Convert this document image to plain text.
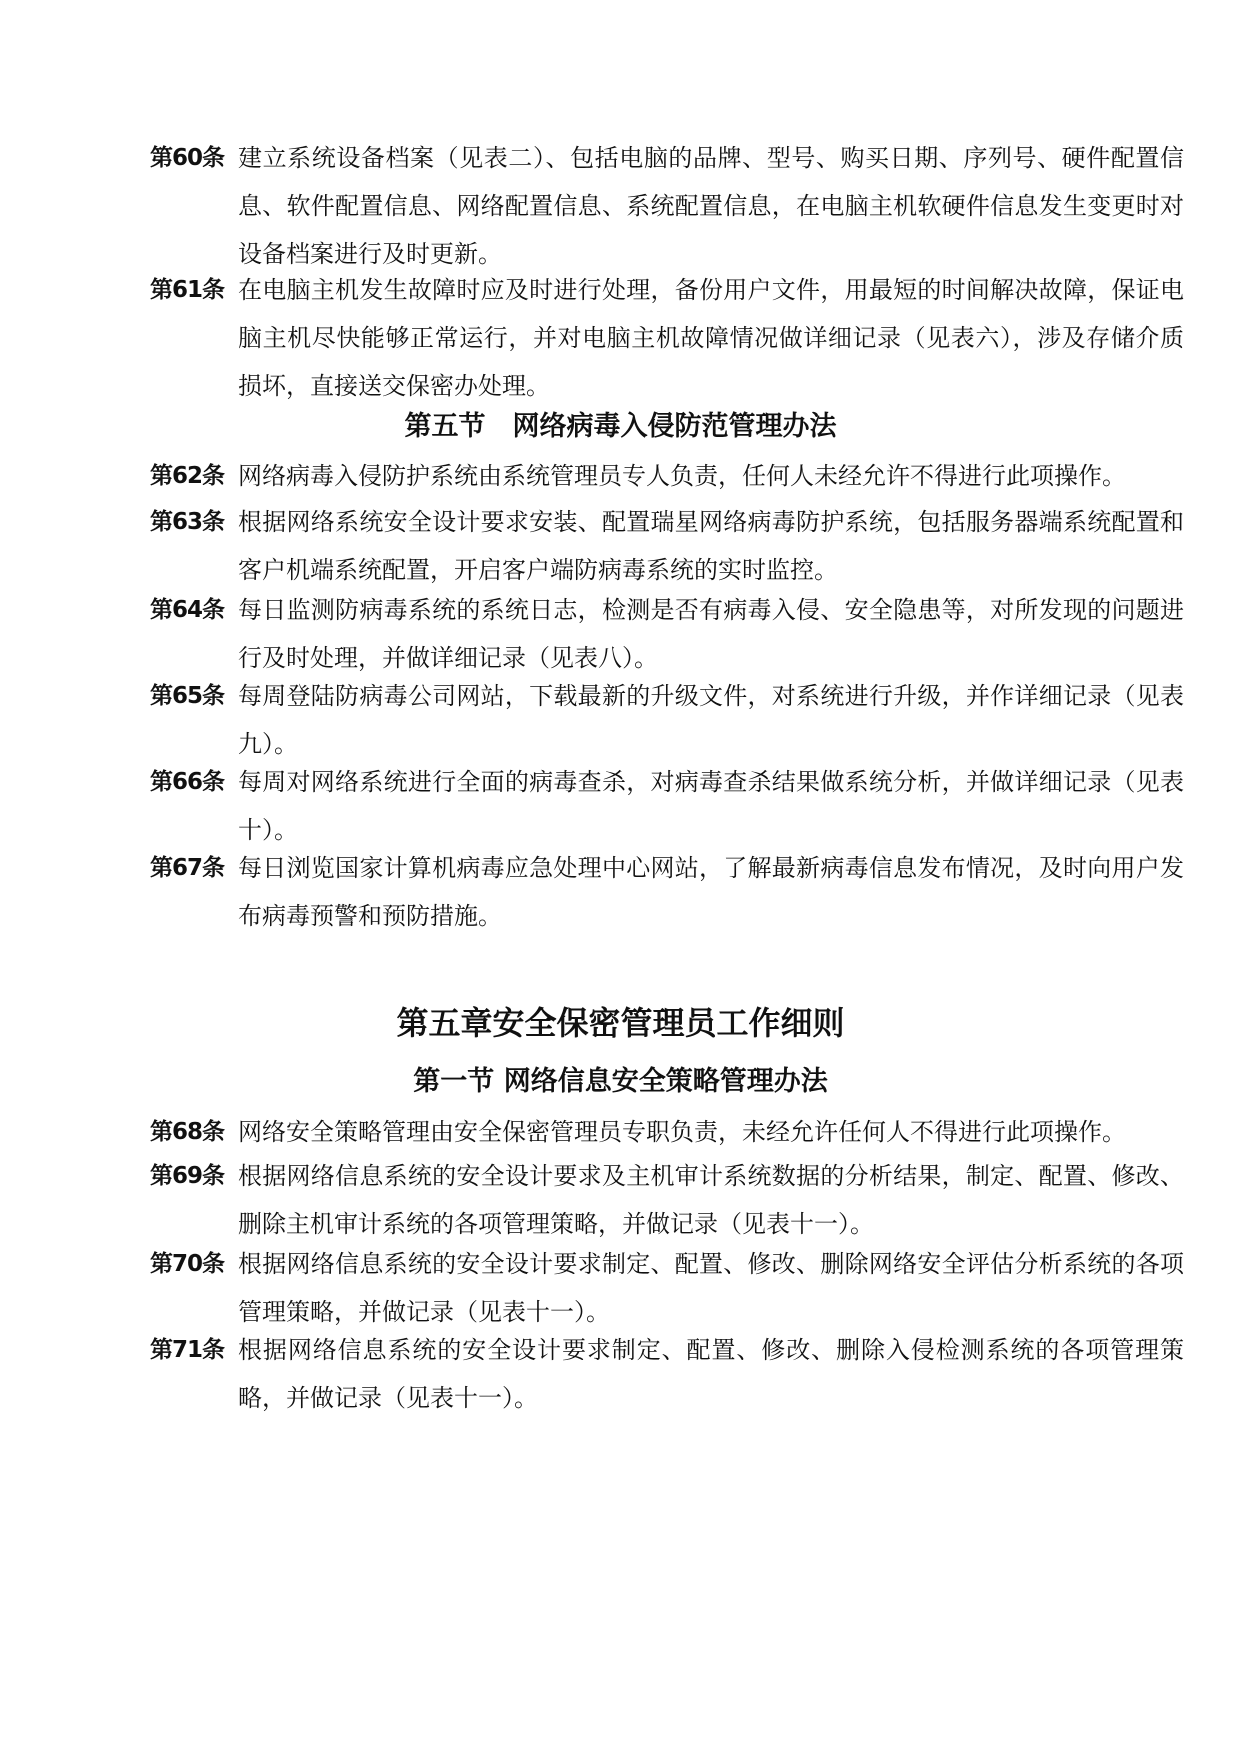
第60条 建立系统设备档案（见表二）、包括电脑的品牌、型号、购买日期、序列号、硬件配置信息、软件配置信息、网络配置信息、系统配置信息，在电脑主机软硬件信息发生变更时对设备档案进行及时更新。
第61条 在电脑主机发生故障时应及时进行处理，备份用户文件，用最短的时间解决故障，保证电脑主机尽快能够正常运行，并对电脑主机故障情况做详细记录（见表六），涉及存储介质损坏，直接送交保密办处理。
第五节　网络病毒入侵防范管理办法
第62条 网络病毒入侵防护系统由系统管理员专人负责，任何人未经允许不得进行此项操作。
第63条 根据网络系统安全设计要求安装、配置瑞星网络病毒防护系统，包括服务器端系统配置和客户机端系统配置，开启客户端防病毒系统的实时监控。
第64条 每日监测防病毒系统的系统日志，检测是否有病毒入侵、安全隐患等，对所发现的问题进行及时处理，并做详细记录（见表八）。
第65条 每周登陆防病毒公司网站，下载最新的升级文件，对系统进行升级，并作详细记录（见表九）。
第66条 每周对网络系统进行全面的病毒查杀，对病毒查杀结果做系统分析，并做详细记录（见表十）。
第67条 每日浏览国家计算机病毒应急处理中心网站，了解最新病毒信息发布情况，及时向用户发布病毒预警和预防措施。
第五章安全保密管理员工作细则
第一节 网络信息安全策略管理办法
第68条 网络安全策略管理由安全保密管理员专职负责，未经允许任何人不得进行此项操作。
第69条 根据网络信息系统的安全设计要求及主机审计系统数据的分析结果，制定、配置、修改、删除主机审计系统的各项管理策略，并做记录（见表十一）。
第70条 根据网络信息系统的安全设计要求制定、配置、修改、删除网络安全评估分析系统的各项管理策略，并做记录（见表十一）。
第71条 根据网络信息系统的安全设计要求制定、配置、修改、删除入侵检测系统的各项管理策略，并做记录（见表十一）。
